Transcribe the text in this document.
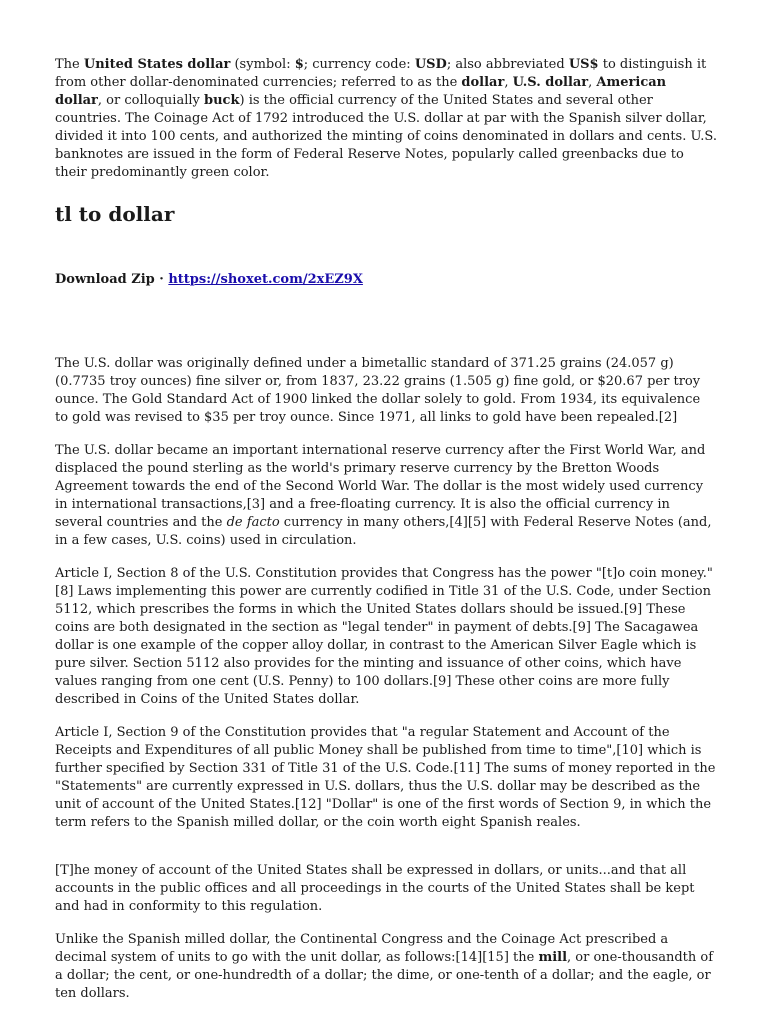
The United States dollar (symbol: $; currency code: USD; also abbreviated US$ to distinguish it from other dollar-denominated currencies; referred to as the dollar, U.S. dollar, American dollar, or colloquially buck) is the official currency of the United States and several other countries. The Coinage Act of 1792 introduced the U.S. dollar at par with the Spanish silver dollar, divided it into 100 cents, and authorized the minting of coins denominated in dollars and cents. U.S. banknotes are issued in the form of Federal Reserve Notes, popularly called greenbacks due to their predominantly green color.

tl to dollar

Download Zip · https://shoxet.com/2xEZ9X

The U.S. dollar was originally defined under a bimetallic standard of 371.25 grains (24.057 g) (0.7735 troy ounces) fine silver or, from 1837, 23.22 grains (1.505 g) fine gold, or $20.67 per troy ounce. The Gold Standard Act of 1900 linked the dollar solely to gold. From 1934, its equivalence to gold was revised to $35 per troy ounce. Since 1971, all links to gold have been repealed.[2]

The U.S. dollar became an important international reserve currency after the First World War, and displaced the pound sterling as the world's primary reserve currency by the Bretton Woods Agreement towards the end of the Second World War. The dollar is the most widely used currency in international transactions,[3] and a free-floating currency. It is also the official currency in several countries and the de facto currency in many others,[4][5] with Federal Reserve Notes (and, in a few cases, U.S. coins) used in circulation.

Article I, Section 8 of the U.S. Constitution provides that Congress has the power "[t]o coin money."[8] Laws implementing this power are currently codified in Title 31 of the U.S. Code, under Section 5112, which prescribes the forms in which the United States dollars should be issued.[9] These coins are both designated in the section as "legal tender" in payment of debts.[9] The Sacagawea dollar is one example of the copper alloy dollar, in contrast to the American Silver Eagle which is pure silver. Section 5112 also provides for the minting and issuance of other coins, which have values ranging from one cent (U.S. Penny) to 100 dollars.[9] These other coins are more fully described in Coins of the United States dollar.

Article I, Section 9 of the Constitution provides that "a regular Statement and Account of the Receipts and Expenditures of all public Money shall be published from time to time",[10] which is further specified by Section 331 of Title 31 of the U.S. Code.[11] The sums of money reported in the "Statements" are currently expressed in U.S. dollars, thus the U.S. dollar may be described as the unit of account of the United States.[12] "Dollar" is one of the first words of Section 9, in which the term refers to the Spanish milled dollar, or the coin worth eight Spanish reales.

[T]he money of account of the United States shall be expressed in dollars, or units...and that all accounts in the public offices and all proceedings in the courts of the United States shall be kept and had in conformity to this regulation.

Unlike the Spanish milled dollar, the Continental Congress and the Coinage Act prescribed a decimal system of units to go with the unit dollar, as follows:[14][15] the mill, or one-thousandth of a dollar; the cent, or one-hundredth of a dollar; the dime, or one-tenth of a dollar; and the eagle, or ten dollars.
